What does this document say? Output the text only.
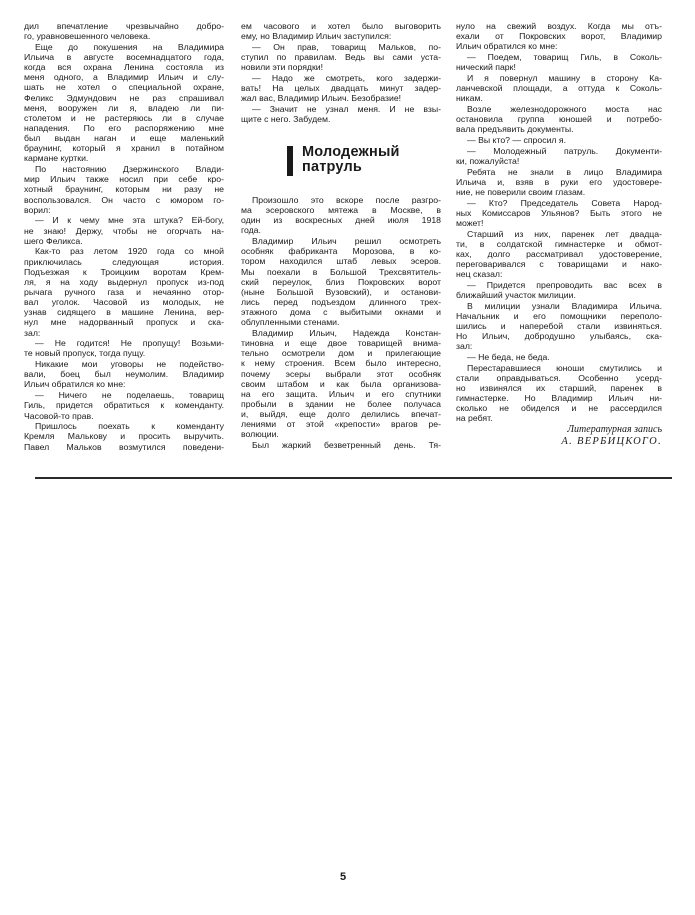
дил впечатление чрезвычайно добро-
го, уравновешенного человека.
Еще до покушения на Владимира
Ильича в августе восемнадцатого года,
когда вся охрана Ленина состояла из
меня одного, а Владимир Ильич и слу-
шать не хотел о специальной охране,
Феликс Эдмундович не раз спрашивал
меня, вооружен ли я, владею ли пи-
столетом и не растеряюсь ли в случае
нападения. По его распоряжению мне
был выдан наган и еще маленький
браунинг, который я хранил в потайном
кармане куртки.
По настоянию Дзержинского Влади-
мир Ильич также носил при себе кро-
хотный браунинг, которым ни разу не
воспользовался. Он часто с юмором го-
ворил:
— И к чему мне эта штука? Ей-богу,
не знаю! Держу, чтобы не огорчать на-
шего Феликса.
Как-то раз летом 1920 года со мной
приключилась следующая история.
Подъезжая к Троицким воротам Крем-
ля, я на ходу выдернул пропуск из-под
рычага ручного газа и нечаянно отор-
вал уголок. Часовой из молодых, не
узнав сидящего в машине Ленина, вер-
нул мне надорванный пропуск и ска-
зал:
— Не годится! Не пропущу! Возьми-
те новый пропуск, тогда пущу.
Никакие мои уговоры не подейство-
вали, боец был неумолим. Владимир
Ильич обратился ко мне:
— Ничего не поделаешь, товарищ
Гиль, придется обратиться к коменданту.
Часовой-то прав.
Пришлось поехать к коменданту
Кремля Малькову и просить выручить.
Павел Мальков возмутился поведени-
ем часового и хотел было выговорить
ему, но Владимир Ильич заступился:
— Он прав, товарищ Мальков, по-
ступил по правилам. Ведь вы сами уста-
новили эти порядки!
— Надо же смотреть, кого задержи-
вать! На целых двадцать минут задер-
жал вас, Владимир Ильич. Безобразие!
— Значит не узнал меня. И не взы-
щите с него. Забудем.
Молодежный
патруль
Произошло это вскоре после разгро-
ма эсеровского мятежа в Москве, в
один из воскресных дней июля 1918
года.
Владимир Ильич решил осмотреть
особняк фабриканта Морозова, в ко-
тором находился штаб левых эсеров.
Мы поехали в Большой Трехсвятитель-
ский переулок, близ Покровских ворот
(ныне Большой Вузовский), и останови-
лись перед подъездом длинного трех-
этажного дома с выбитыми окнами и
облупленными стенами.
Владимир Ильич, Надежда Констан-
тиновна и еще двое товарищей внима-
тельно осмотрели дом и прилегающие
к нему строения. Всем было интересно,
почему эсеры выбрали этот особняк
своим штабом и как была организова-
на его защита. Ильич и его спутники
пробыли в здании не более получаса
и, выйдя, еще долго делились впечат-
лениями от этой «крепости» врагов ре-
волюции.
Был жаркий безветренный день. Тя-
нуло на свежий воздух. Когда мы отъ-
ехали от Покровских ворот, Владимир
Ильич обратился ко мне:
— Поедем, товарищ Гиль, в Соколь-
нический парк!
И я повернул машину в сторону Ка-
ланчевской площади, а оттуда к Соколь-
никам.
Возле железнодорожного моста нас
остановила группа юношей и потребо-
вала предъявить документы.
— Вы кто? — спросил я.
— Молодежный патруль. Документи-
ки, пожалуйста!
Ребята не знали в лицо Владимира
Ильича и, взяв в руки его удостовере-
ние, не поверили своим глазам.
— Кто? Председатель Совета Народ-
ных Комиссаров Ульянов? Быть этого не
может!
Старший из них, паренек лет двадца-
ти, в солдатской гимнастерке и обмот-
ках, долго рассматривал удостоверение,
переговаривался с товарищами и нако-
нец сказал:
— Придется препроводить вас всех в
ближайший участок милиции.
В милиции узнали Владимира Ильича.
Начальник и его помощники переполо-
шились и наперебой стали извиняться.
Но Ильич, добродушно улыбаясь, ска-
зал:
— Не беда, не беда.
Перестаравшиеся юноши смутились и
стали оправдываться. Особенно усерд-
но извинялся их старший, паренек в
гимнастерке. Но Владимир Ильич ни-
сколько не обиделся и не рассердился
на ребят.
Литературная запись
А. ВЕРБИЦКОГО.
5
